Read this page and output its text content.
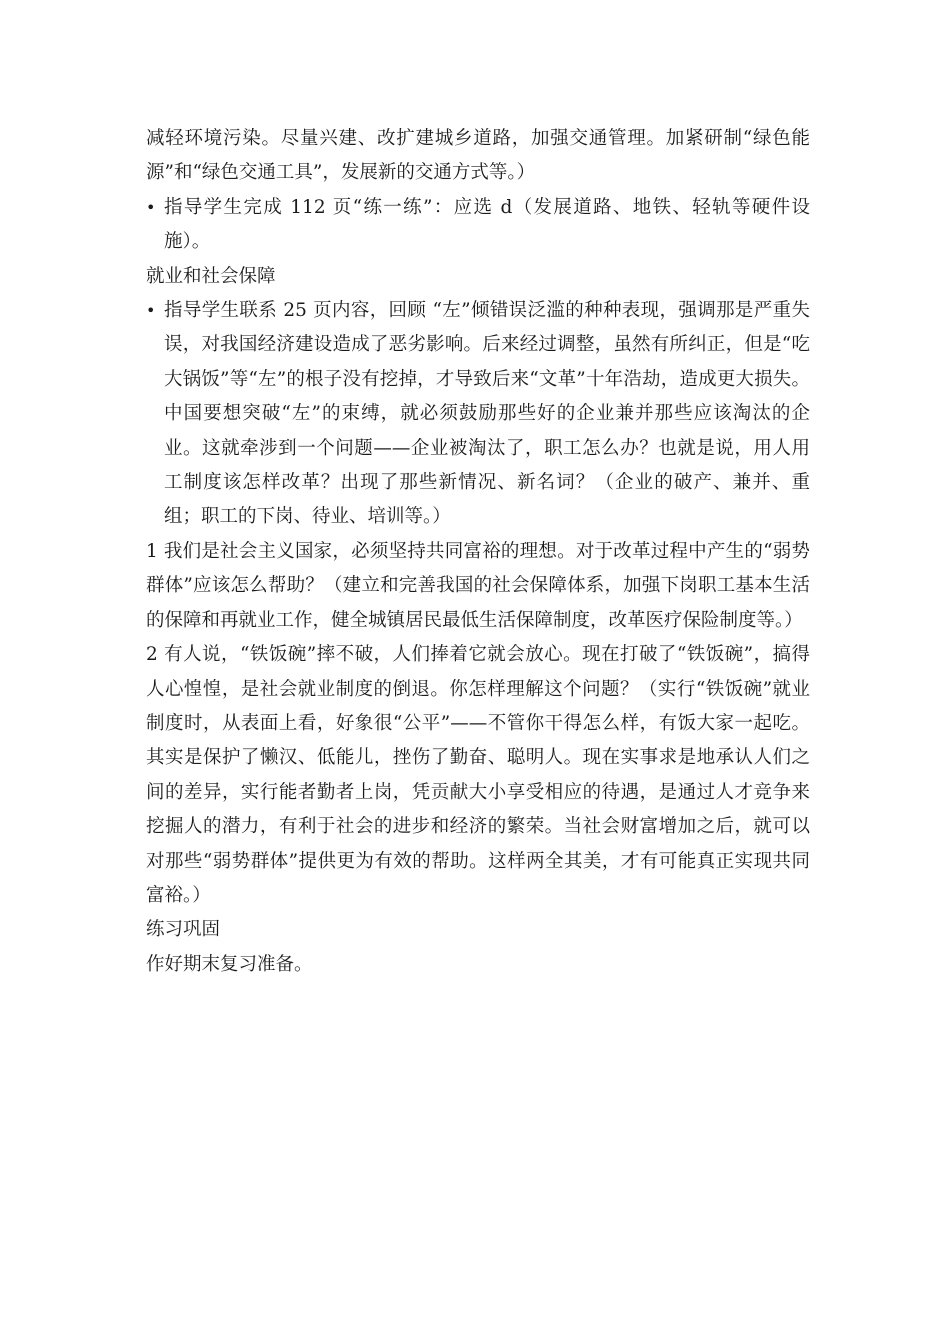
减轻环境污染。尽量兴建、改扩建城乡道路，加强交通管理。加紧研制“绿色能源”和“绿色交通工具”，发展新的交通方式等。）

• 指导学生完成 112 页“练一练”：应选 d（发展道路、地铁、轻轨等硬件设施）。

就业和社会保障

• 指导学生联系 25 页内容，回顾 “左”倾错误泛滥的种种表现，强调那是严重失误，对我国经济建设造成了恶劣影响。后来经过调整，虽然有所纠正，但是“吃大锅饭”等“左”的根子没有挖掉，才导致后来“文革”十年浩劫，造成更大损失。中国要想突破“左”的束缚，就必须鼓励那些好的企业兼并那些应该淘汰的企业。这就牵涉到一个问题——企业被淘汰了，职工怎么办？也就是说，用人用工制度该怎样改革？出现了那些新情况、新名词？（企业的破产、兼并、重组；职工的下岗、待业、培训等。）

1 我们是社会主义国家，必须坚持共同富裕的理想。对于改革过程中产生的“弱势群体”应该怎么帮助？（建立和完善我国的社会保障体系，加强下岗职工基本生活的保障和再就业工作，健全城镇居民最低生活保障制度，改革医疗保险制度等。）

2 有人说，“铁饭碗”摔不破，人们捧着它就会放心。现在打破了“铁饭碗”，搞得人心惶惶，是社会就业制度的倒退。你怎样理解这个问题？（实行“铁饭碗”就业制度时，从表面上看，好象很“公平”——不管你干得怎么样，有饭大家一起吃。其实是保护了懒汉、低能儿，挫伤了勤奋、聪明人。现在实事求是地承认人们之间的差异，实行能者勤者上岗，凭贡献大小享受相应的待遇，是通过人才竞争来挖掘人的潜力，有利于社会的进步和经济的繁荣。当社会财富增加之后，就可以对那些“弱势群体”提供更为有效的帮助。这样两全其美，才有可能真正实现共同富裕。）

练习巩固

作好期末复习准备。
